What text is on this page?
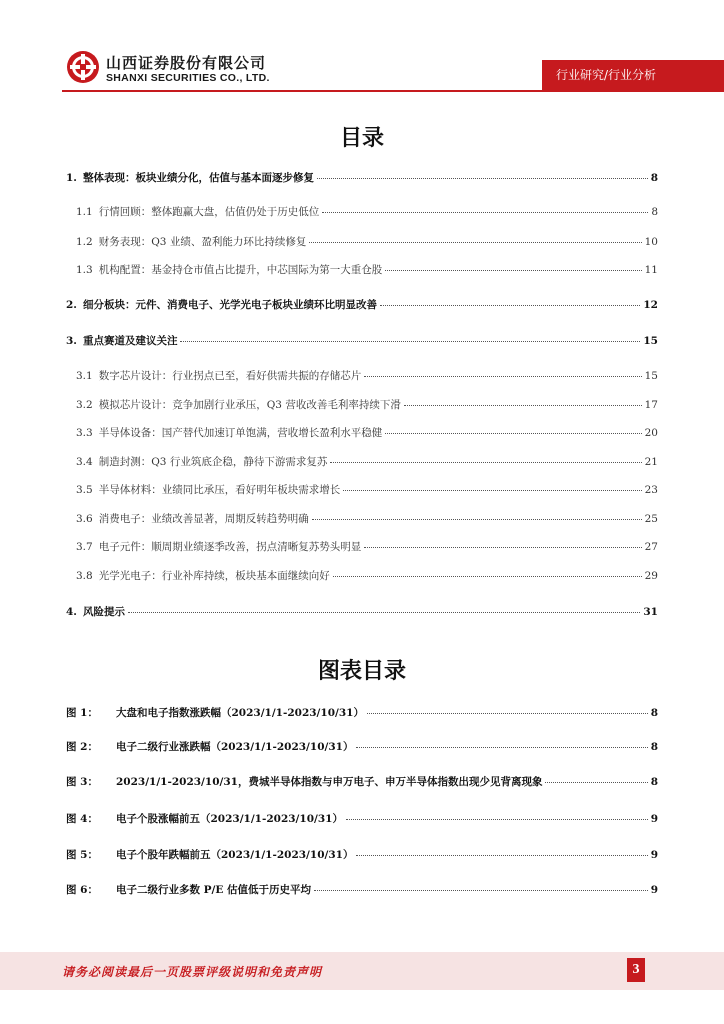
山西证券股份有限公司
SHANXI SECURITIES CO., LTD.	行业研究/行业分析
目录
1. 整体表现：板块业绩分化，估值与基本面逐步修复	8
1.1 行情回顾：整体跑赢大盘，估值仍处于历史低位	8
1.2 财务表现：Q3 业绩、盈利能力环比持续修复	10
1.3 机构配置：基金持仓市值占比提升，中芯国际为第一大重仓股	11
2. 细分板块：元件、消费电子、光学光电子板块业绩环比明显改善	12
3. 重点赛道及建议关注	15
3.1 数字芯片设计：行业拐点已至，看好供需共振的存储芯片	15
3.2 模拟芯片设计：竞争加剧行业承压，Q3 营收改善毛利率持续下滑	17
3.3 半导体设备：国产替代加速订单饱满，营收增长盈利水平稳健	20
3.4 制造封测：Q3 行业筑底企稳，静待下游需求复苏	21
3.5 半导体材料：业绩同比承压，看好明年板块需求增长	23
3.6 消费电子：业绩改善显著，周期反转趋势明确	25
3.7 电子元件：顺周期业绩逐季改善，拐点清晰复苏势头明显	27
3.8 光学光电子：行业补库持续，板块基本面继续向好	29
4. 风险提示	31
图表目录
图 1：	大盘和电子指数涨跌幅（2023/1/1-2023/10/31）	8
图 2：	电子二级行业涨跌幅（2023/1/1-2023/10/31）	8
图 3：	2023/1/1-2023/10/31，费城半导体指数与申万电子、申万半导体指数出现少见背离现象	8
图 4：	电子个股涨幅前五（2023/1/1-2023/10/31）	9
图 5：	电子个股年跌幅前五（2023/1/1-2023/10/31）	9
图 6：	电子二级行业多数 P/E 估值低于历史平均	9
请务必阅读最后一页股票评级说明和免责声明	3
